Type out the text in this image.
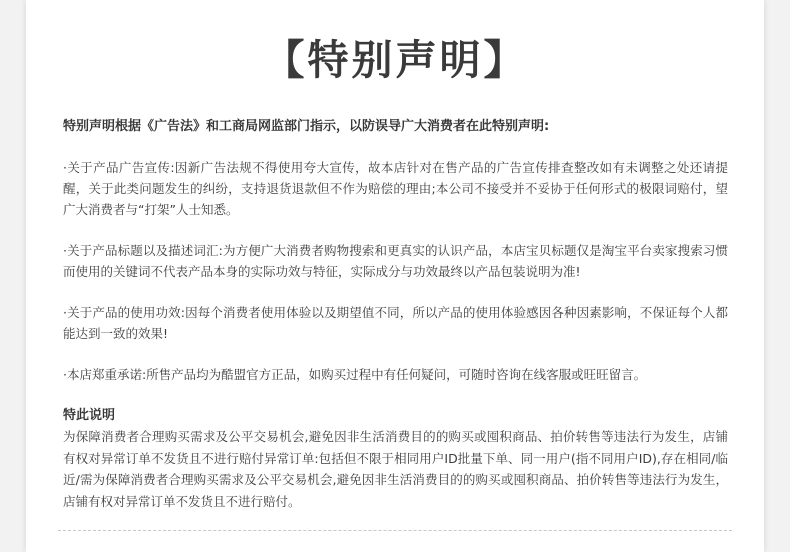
【特别声明】
特别声明根据《广告法》和工商局网监部门指示，以防误导广大消费者在此特别声明:
·关于产品广告宣传:因新广告法规不得使用夸大宣传，故本店针对在售产品的广告宣传排查整改如有未调整之处还请提醒，关于此类问题发生的纠纷，支持退货退款但不作为赔偿的理由;本公司不接受并不妥协于任何形式的极限词赔付，望广大消费者与“打架”人士知悉。
·关于产品标题以及描述词汇:为方便广大消费者购物搜索和更真实的认识产品，本店宝贝标题仅是淘宝平台卖家搜索习惯而使用的关键词不代表产品本身的实际功效与特征，实际成分与功效最终以产品包装说明为准!
·关于产品的使用功效:因每个消费者使用体验以及期望值不同，所以产品的使用体验感因各种因素影响，不保证每个人都能达到一致的效果!
·本店郑重承诺:所售产品均为酷盟官方正品，如购买过程中有任何疑问，可随时咨询在线客服或旺旺留言。
特此说明
为保障消费者合理购买需求及公平交易机会,避免因非生活消费目的的购买或囤积商品、拍价转售等违法行为发生，店铺有权对异常订单不发货且不进行赔付异常订单:包括但不限于相同用户ID批量下单、同一用户(指不同用户ID),存在相同/临近/需为保障消费者合理购买需求及公平交易机会,避免因非生活消费目的的购买或囤积商品、拍价转售等违法行为发生，店铺有权对异常订单不发货且不进行赔付。
